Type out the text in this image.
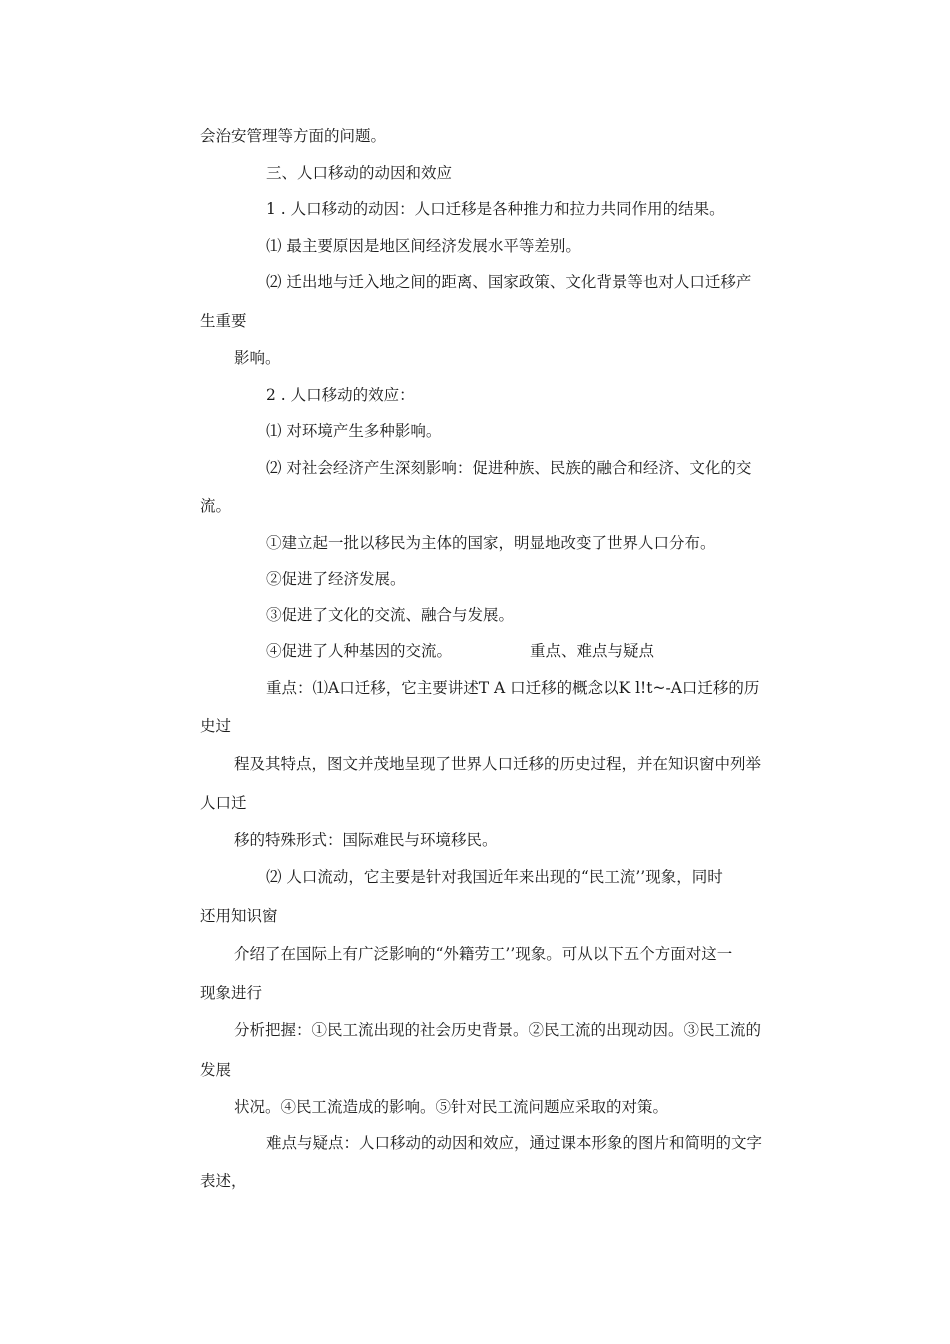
会治安管理等方面的问题。
三、人口移动的动因和效应
1 . 人口移动的动因：人口迁移是各种推力和拉力共同作用的结果。
⑴ 最主要原因是地区间经济发展水平等差别。
⑵ 迁出地与迁入地之间的距离、国家政策、文化背景等也对人口迁移产
生重要
影响。
2 . 人口移动的效应：
⑴ 对环境产生多种影响。
⑵ 对社会经济产生深刻影响：促进种族、民族的融合和经济、文化的交
流。
①建立起一批以移民为主体的国家，明显地改变了世界人口分布。
②促进了经济发展。
③促进了文化的交流、融合与发展。
④促进了人种基因的交流。	重点、难点与疑点
重点：⑴A口迁移，它主要讲述T A 口迁移的概念以K l!t~-A口迁移的历
史过
程及其特点，图文并茂地呈现了世界人口迁移的历史过程，并在知识窗中列举
人口迁
移的特殊形式：国际难民与环境移民。
⑵ 人口流动，它主要是针对我国近年来出现的“民工流’’现象，同时
还用知识窗
介绍了在国际上有广泛影响的“外籍劳工’’现象。可从以下五个方面对这一
现象进行
分析把握：①民工流出现的社会历史背景。②民工流的出现动因。③民工流的
发展
状况。④民工流造成的影响。⑤针对民工流问题应采取的对策。
难点与疑点：人口移动的动因和效应，通过课本形象的图片和简明的文字
表述，
